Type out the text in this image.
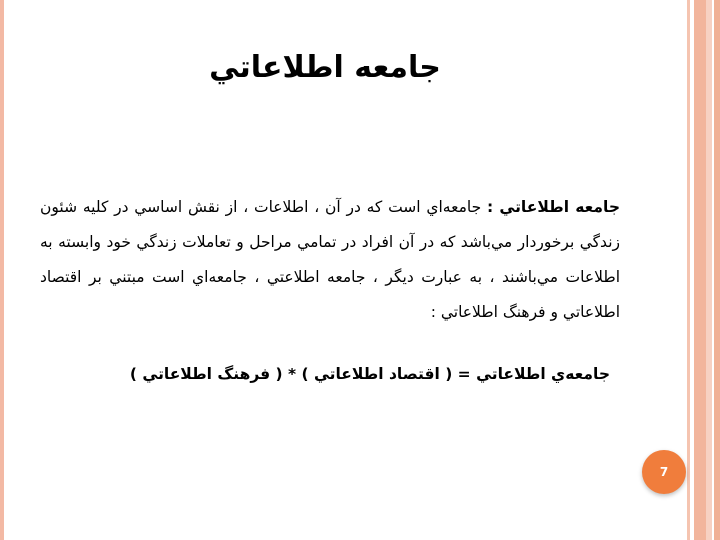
جامعه اطلاعاتي
جامعه اطلاعاتي : جامعه‌اي است كه در آن ، اطلاعات ، از نقش اساسي در كليه شئون زندگي برخوردار مي‌باشد كه در آن افراد در تمامي مراحل و تعاملات زندگي خود وابسته به اطلاعات مي‌باشند ، به عبارت ديگر ، جامعه اطلاعتي ، جامعه‌اي است مبتني بر اقتصاد اطلاعاتي و فرهنگ اطلاعاتي :
جامعه‌ي اطلاعاتي = ( اقتصاد اطلاعاتي ) * ( فرهنگ اطلاعاتي )
7
